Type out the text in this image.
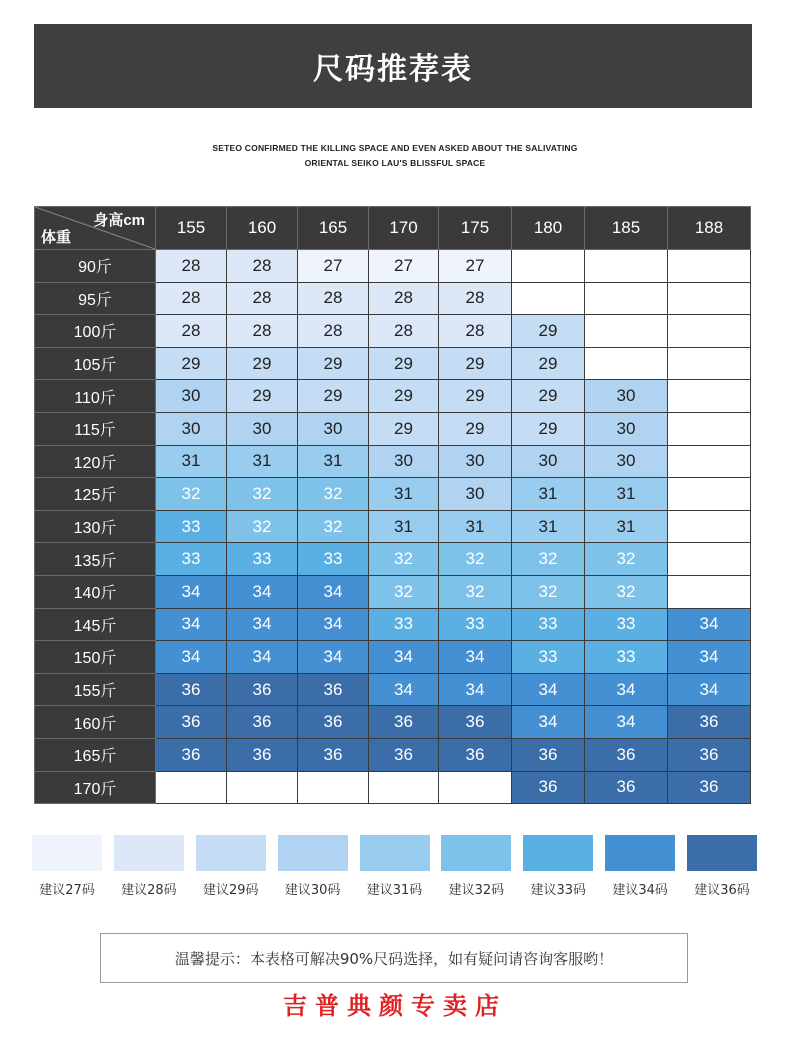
尺码推荐表
SETEO CONFIRMED THE KILLING SPACE AND EVEN ASKED ABOUT THE SALIVATING
ORIENTAL SEIKO LAU'S BLISSFUL SPACE
身高cm
体重	155	160	165	170	175	180	185	188
90斤	28	28	27	27	27			
95斤	28	28	28	28	28			
100斤	28	28	28	28	28	29		
105斤	29	29	29	29	29	29		
110斤	30	29	29	29	29	29	30	
115斤	30	30	30	29	29	29	30	
120斤	31	31	31	30	30	30	30	
125斤	32	32	32	31	30	31	31	
130斤	33	32	32	31	31	31	31	
135斤	33	33	33	32	32	32	32	
140斤	34	34	34	32	32	32	32	
145斤	34	34	34	33	33	33	33	34
150斤	34	34	34	34	34	33	33	34
155斤	36	36	36	34	34	34	34	34
160斤	36	36	36	36	36	34	34	36
165斤	36	36	36	36	36	36	36	36
170斤						36	36	36
建议27码 建议28码 建议29码 建议30码 建议31码 建议32码 建议33码 建议34码 建议36码
温馨提示： 本表格可解决90%尺码选择，如有疑问请咨询客服哟！
吉普典颜专卖店
